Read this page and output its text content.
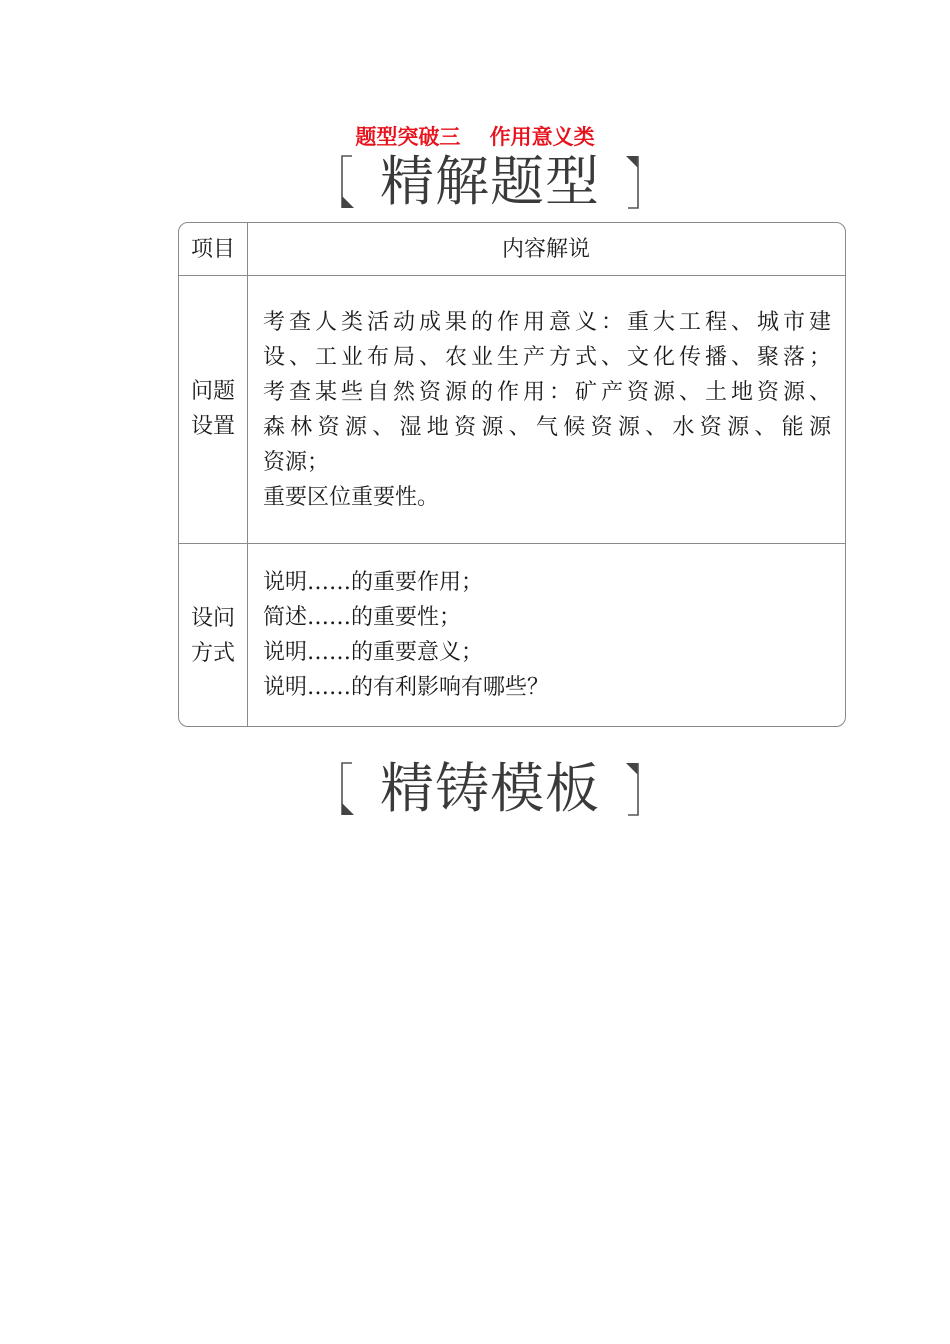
题型突破三    作用意义类
精解题型
项目	内容解说
问题
设置
考查人类活动成果的作用意义：重大工程、城市建
设、工业布局、农业生产方式、文化传播、聚落；
考查某些自然资源的作用：矿产资源、土地资源、
森林资源、湿地资源、气候资源、水资源、能源
资源；
重要区位重要性。
设问
方式
说明……的重要作用；
简述……的重要性；
说明……的重要意义；
说明……的有利影响有哪些？
精铸模板
